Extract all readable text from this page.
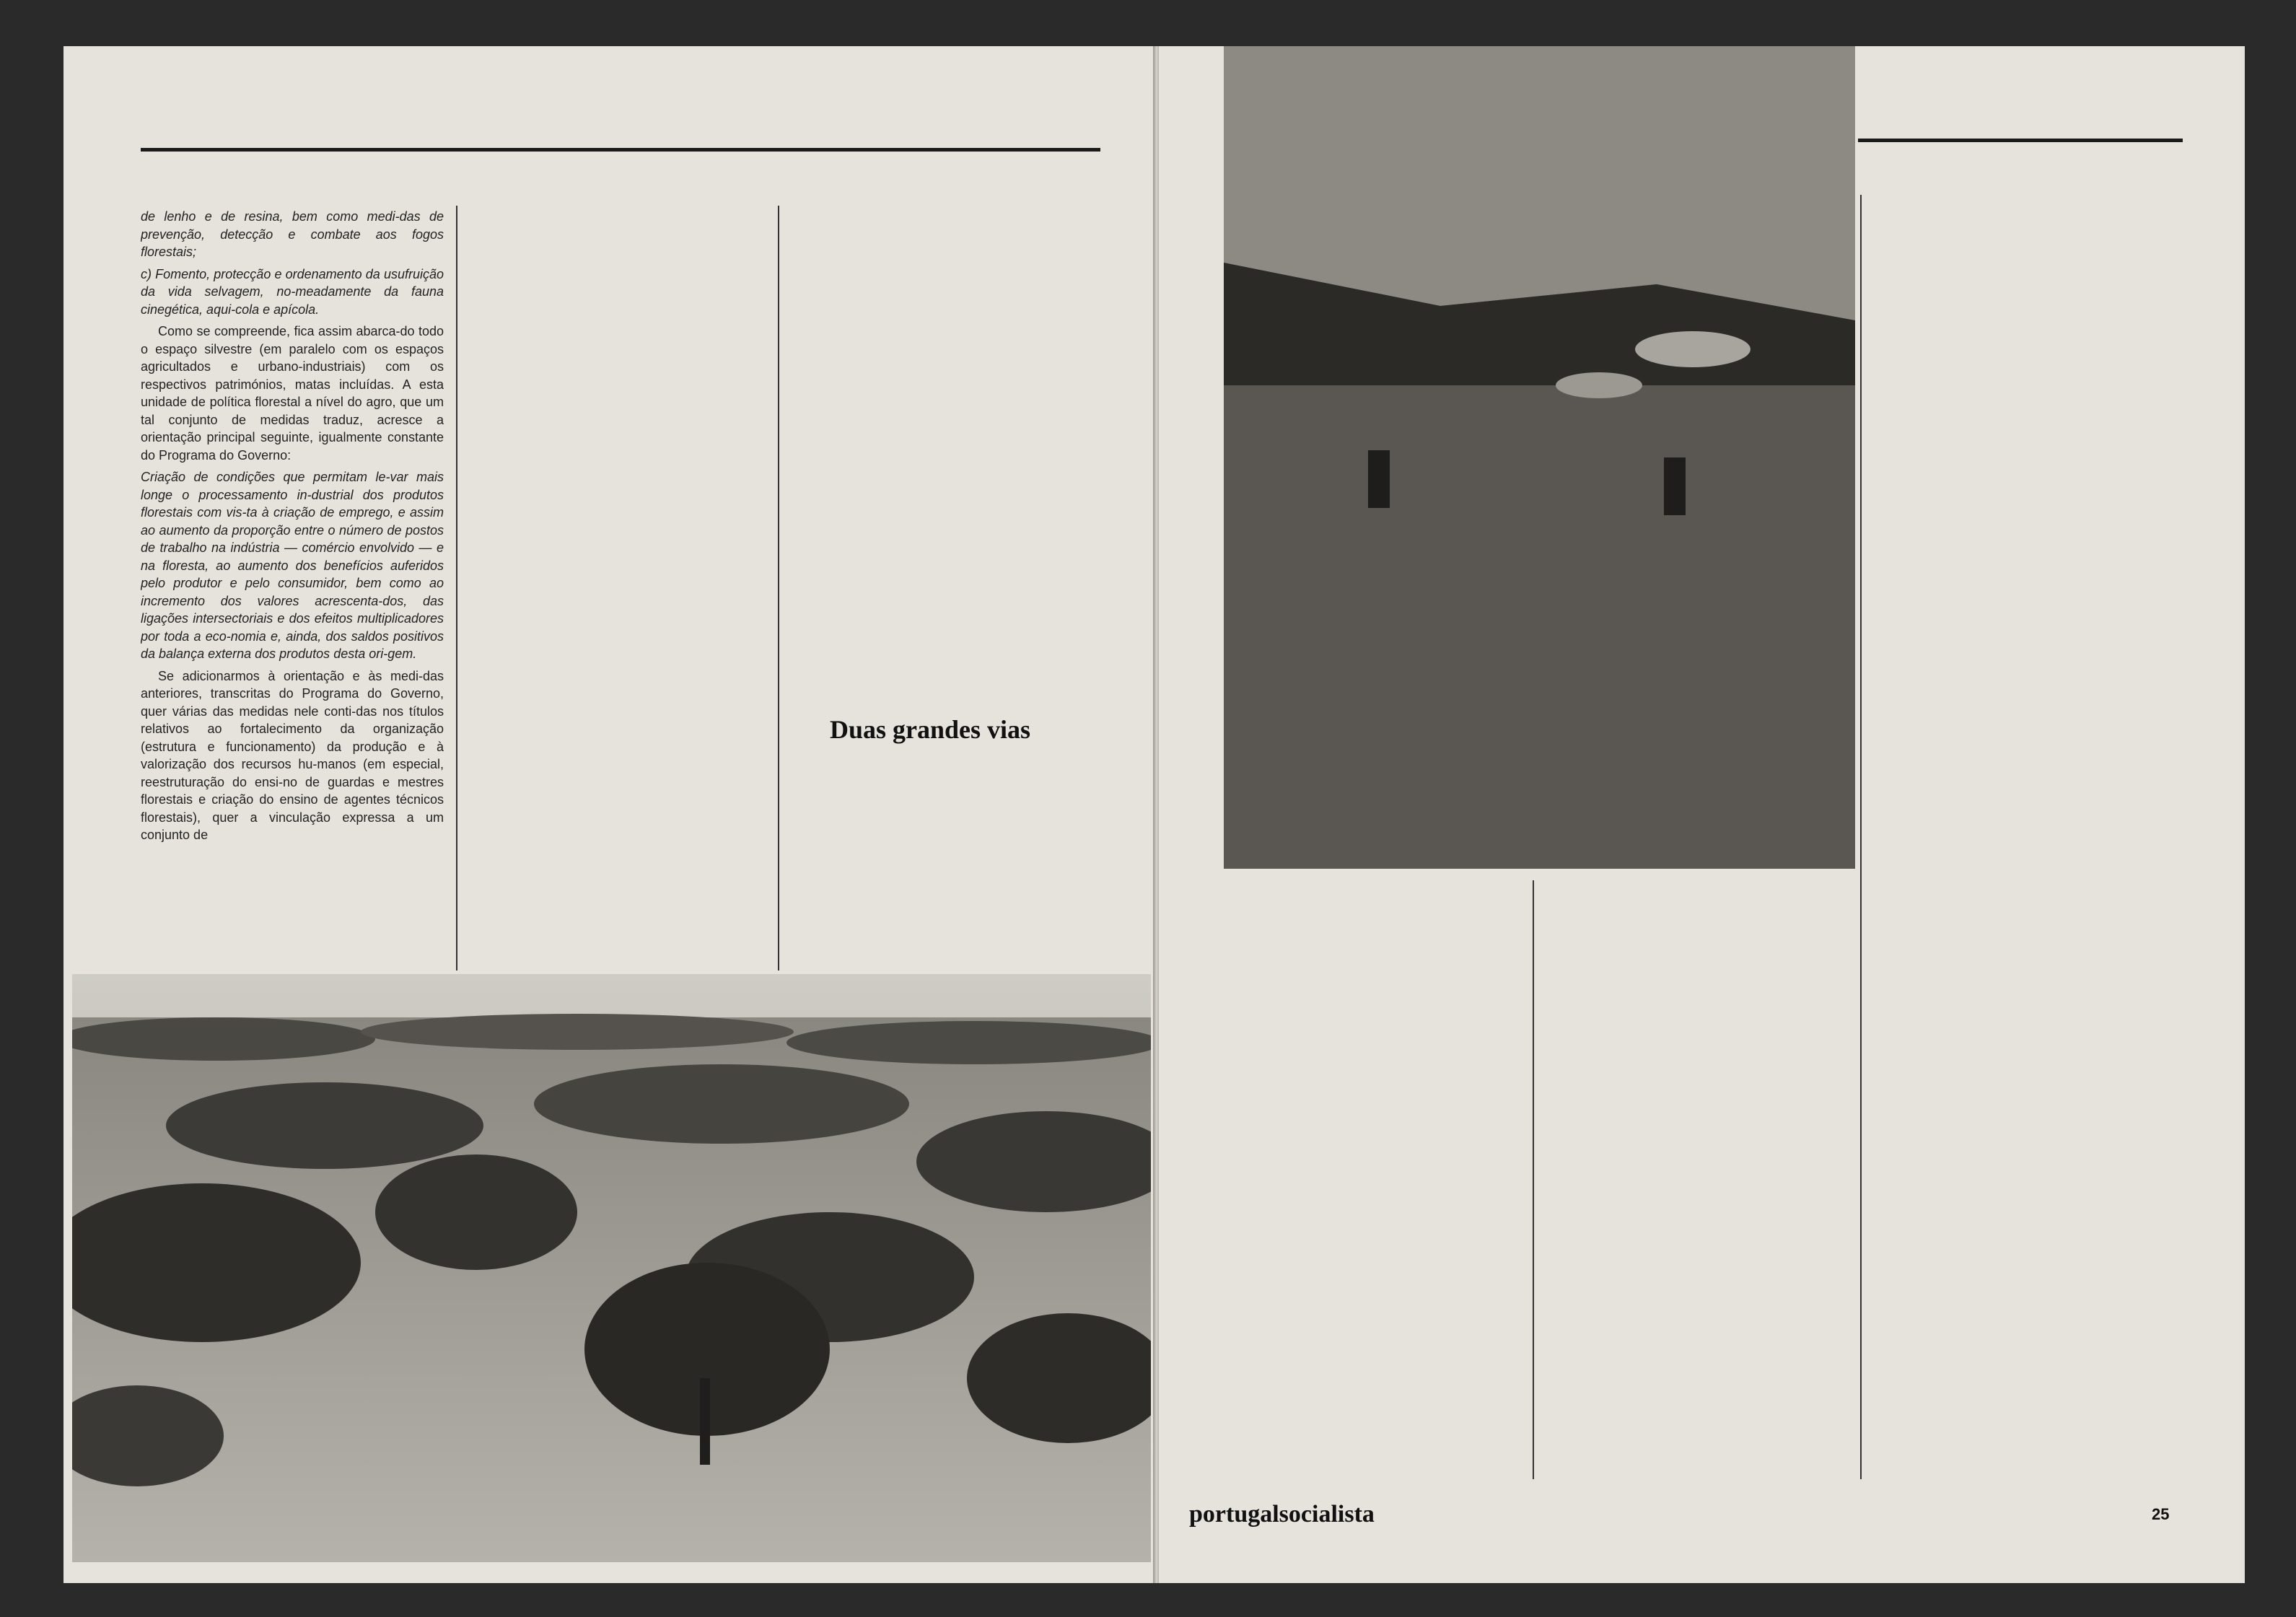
de lenho e de resina, bem como medi-das de prevenção, detecção e combate aos fogos florestais;

c) Fomento, protecção e ordenamento da usufruição da vida selvagem, no-meadamente da fauna cinegética, aqui-cola e apícola.

Como se compreende, fica assim abarca-do todo o espaço silvestre (em paralelo com os espaços agricultados e urbano-industriais) com os respectivos patrimónios, matas incluídas. A esta unidade de política florestal a nível do agro, que um tal conjunto de medidas traduz, acresce a orientação principal seguinte, igualmente constante do Programa do Governo:

Criação de condições que permitam le-var mais longe o processamento in-dustrial dos produtos florestais com vis-ta à criação de emprego, e assim ao aumento da proporção entre o número de postos de trabalho na indústria — comércio envolvido — e na floresta, ao aumento dos benefícios auferidos pelo produtor e pelo consumidor, bem como ao incremento dos valores acrescenta-dos, das ligações intersectoriais e dos efeitos multiplicadores por toda a eco-nomia e, ainda, dos saldos positivos da balança externa dos produtos desta ori-gem.

Se adicionarmos à orientação e às medi-das anteriores, transcritas do Programa do Governo, quer várias das medidas nele conti-das nos títulos relativos ao fortalecimento da organização (estrutura e funcionamento) da produção e à valorização dos recursos hu-manos (em especial, reestruturação do ensi-no de guardas e mestres florestais e criação do ensino de agentes técnicos florestais), quer a vinculação expressa a um conjunto de

Duas grandes vias
portugalsocialista	25
